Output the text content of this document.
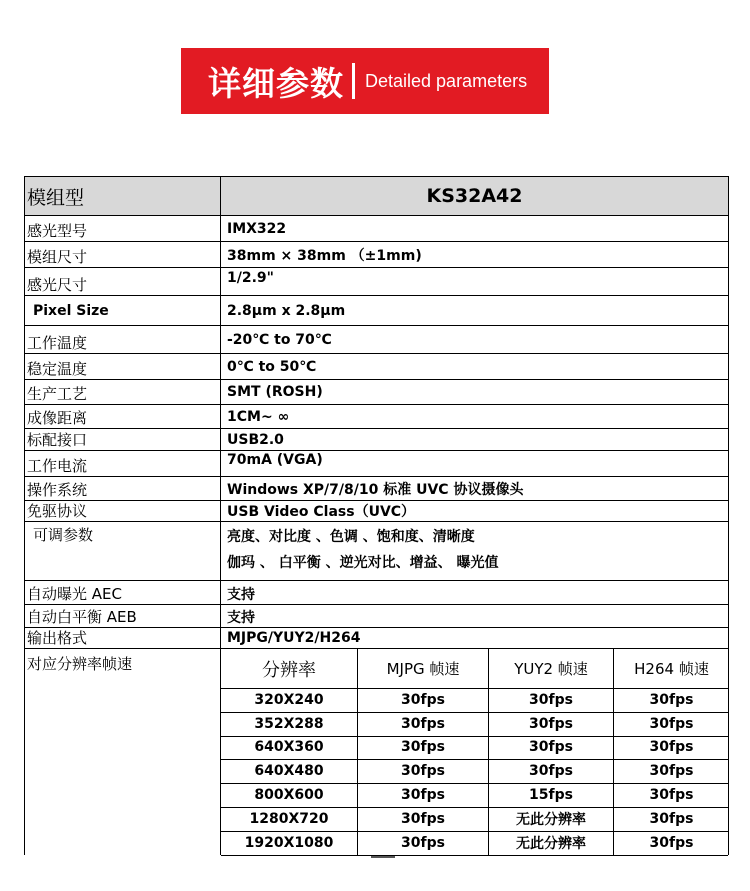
详细参数 Detailed parameters
模组型	KS32A42
感光型号	IMX322
模组尺寸	38mm × 38mm （±1mm)
感光尺寸	1/2.9"
Pixel Size	2.8μm x 2.8μm
工作温度	-20℃ to 70℃
稳定温度	0℃ to 50℃
生产工艺	SMT (ROSH)
成像距离	1CM~ ∞
标配接口	USB2.0
工作电流	70mA (VGA)
操作系统	Windows XP/7/8/10 标准 UVC 协议摄像头
免驱协议	USB Video Class（UVC）
可调参数	亮度、对比度 、色调 、饱和度、清晰度
伽玛 、 白平衡 、逆光对比、增益、 曝光值
自动曝光 AEC	支持
自动白平衡 AEB	支持
输出格式	MJPG/YUY2/H264
对应分辨率帧速	分辨率	MJPG 帧速	YUY2 帧速	H264 帧速
320X240	30fps	30fps	30fps
352X288	30fps	30fps	30fps
640X360	30fps	30fps	30fps
640X480	30fps	30fps	30fps
800X600	30fps	15fps	30fps
1280X720	30fps	无此分辨率	30fps
1920X1080	30fps	无此分辨率	30fps
